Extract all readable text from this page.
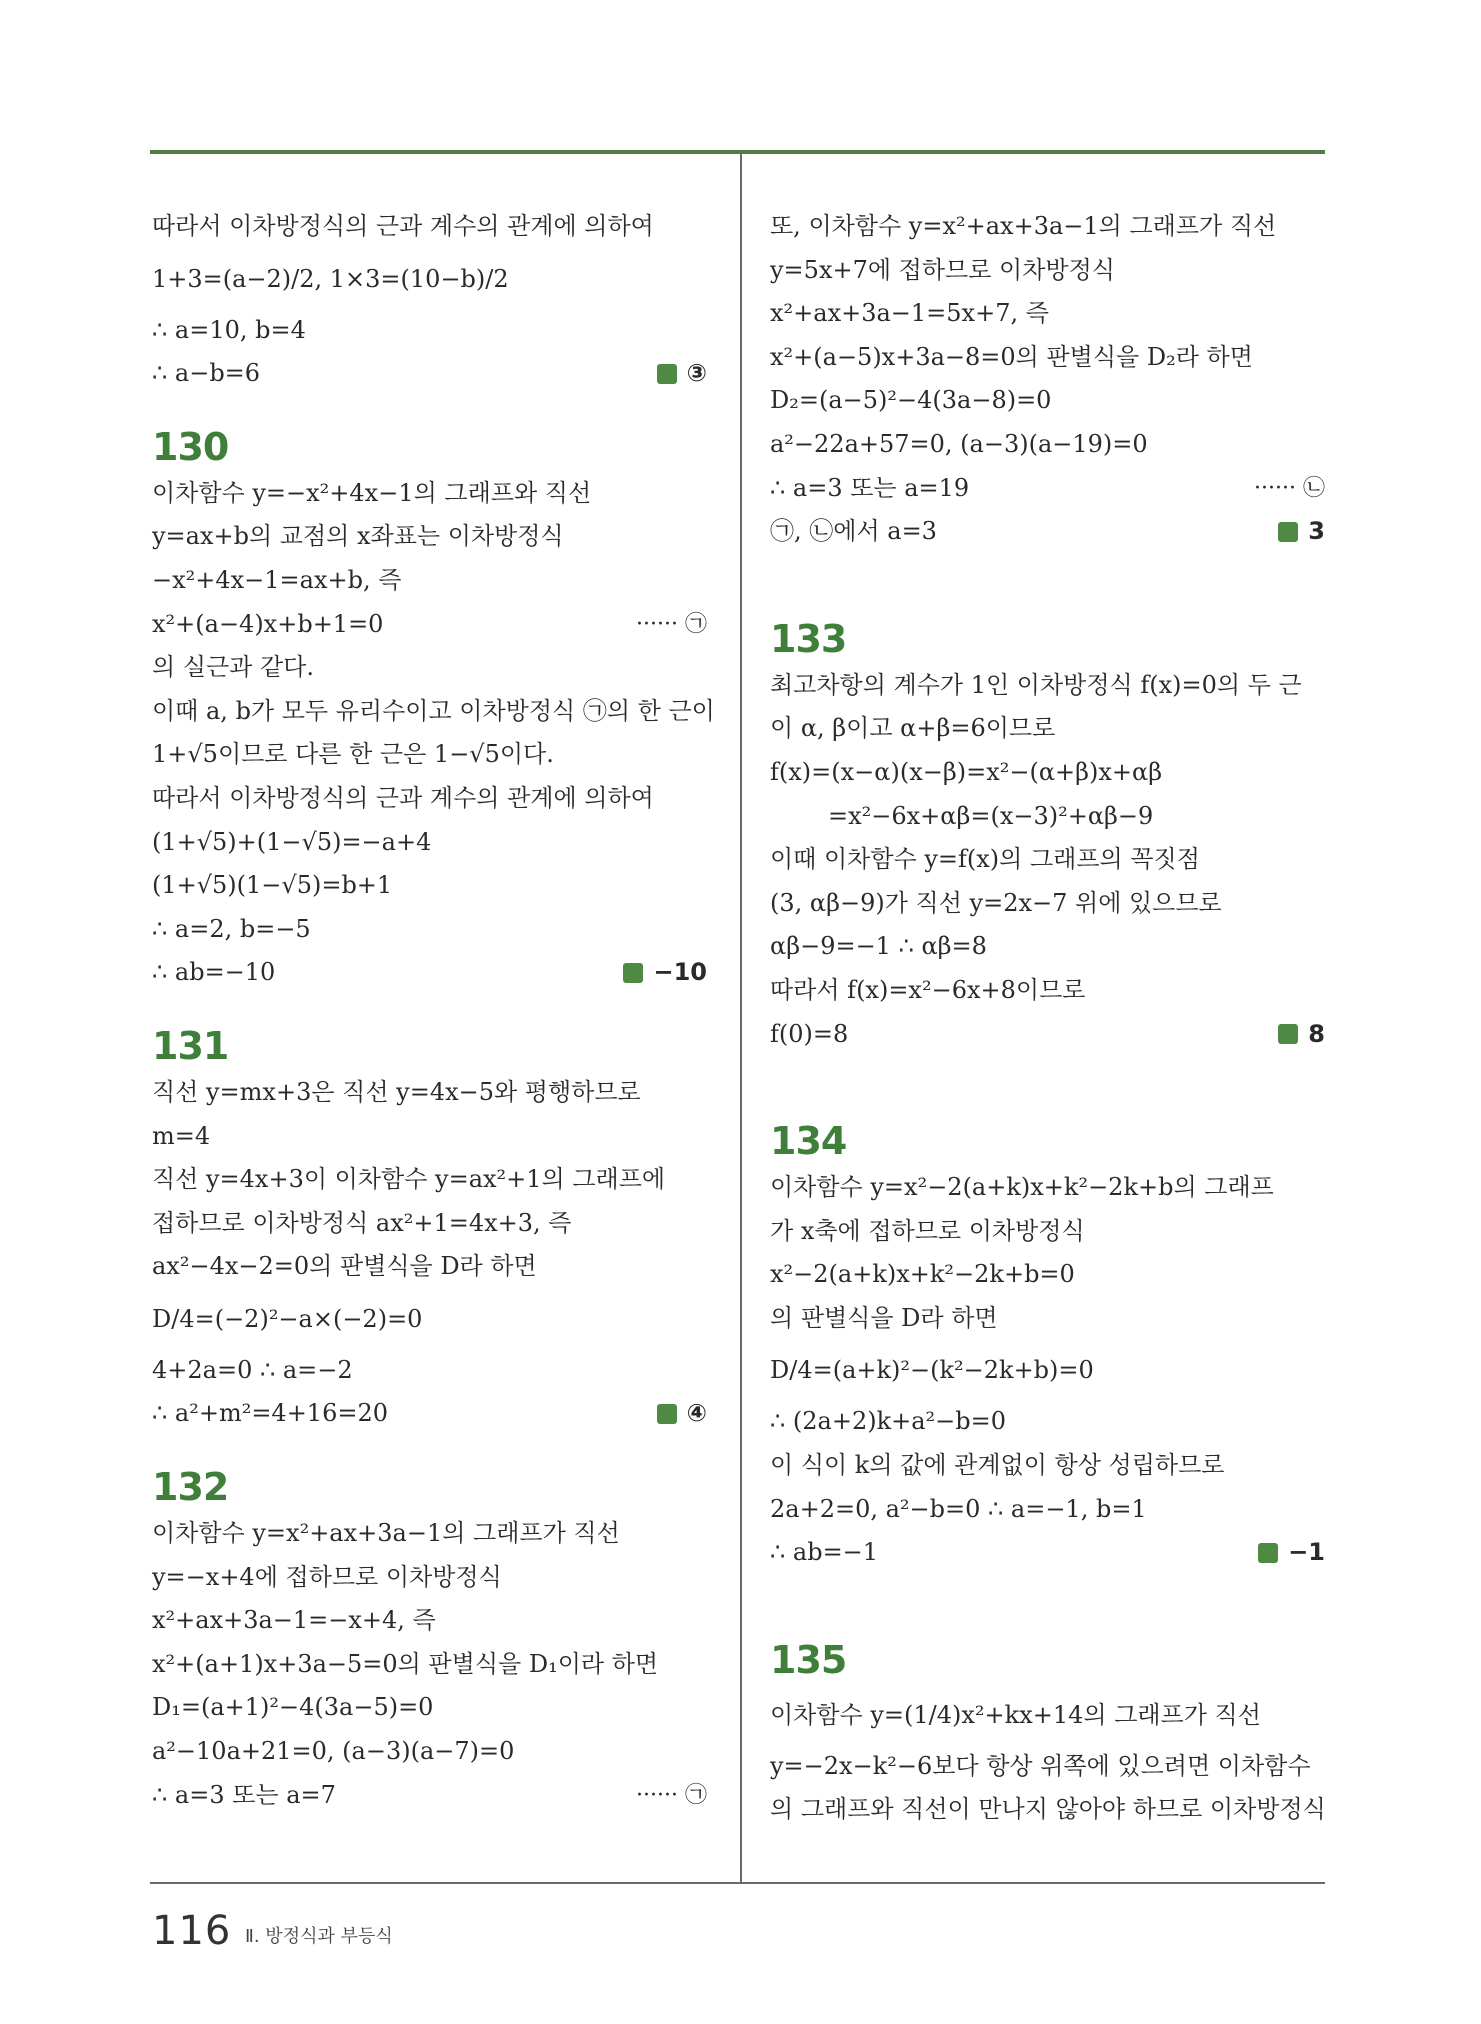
따라서 이차방정식의 근과 계수의 관계에 의하여
1+3=(a−2)/2, 1×3=(10−b)/2
∴ a=10, b=4
∴ a−b=6	③
130
이차함수 y=−x²+4x−1의 그래프와 직선
y=ax+b의 교점의 x좌표는 이차방정식
−x²+4x−1=ax+b, 즉
x²+(a−4)x+b+1=0	······ ㉠
의 실근과 같다.
이때 a, b가 모두 유리수이고 이차방정식 ㉠의 한 근이
1+√5이므로 다른 한 근은 1−√5이다.
따라서 이차방정식의 근과 계수의 관계에 의하여
(1+√5)+(1−√5)=−a+4
(1+√5)(1−√5)=b+1
∴ a=2, b=−5
∴ ab=−10	−10
131
직선 y=mx+3은 직선 y=4x−5와 평행하므로
m=4
직선 y=4x+3이 이차함수 y=ax²+1의 그래프에
접하므로 이차방정식 ax²+1=4x+3, 즉
ax²−4x−2=0의 판별식을 D라 하면
D/4=(−2)²−a×(−2)=0
4+2a=0 ∴ a=−2
∴ a²+m²=4+16=20	④
132
이차함수 y=x²+ax+3a−1의 그래프가 직선
y=−x+4에 접하므로 이차방정식
x²+ax+3a−1=−x+4, 즉
x²+(a+1)x+3a−5=0의 판별식을 D₁이라 하면
D₁=(a+1)²−4(3a−5)=0
a²−10a+21=0, (a−3)(a−7)=0
∴ a=3 또는 a=7	······ ㉠
또, 이차함수 y=x²+ax+3a−1의 그래프가 직선
y=5x+7에 접하므로 이차방정식
x²+ax+3a−1=5x+7, 즉
x²+(a−5)x+3a−8=0의 판별식을 D₂라 하면
D₂=(a−5)²−4(3a−8)=0
a²−22a+57=0, (a−3)(a−19)=0
∴ a=3 또는 a=19	······ ㉡
㉠, ㉡에서 a=3	3
133
최고차항의 계수가 1인 이차방정식 f(x)=0의 두 근
이 α, β이고 α+β=6이므로
f(x)=(x−α)(x−β)=x²−(α+β)x+αβ
=x²−6x+αβ=(x−3)²+αβ−9
이때 이차함수 y=f(x)의 그래프의 꼭짓점
(3, αβ−9)가 직선 y=2x−7 위에 있으므로
αβ−9=−1 ∴ αβ=8
따라서 f(x)=x²−6x+8이므로
f(0)=8	8
134
이차함수 y=x²−2(a+k)x+k²−2k+b의 그래프
가 x축에 접하므로 이차방정식
x²−2(a+k)x+k²−2k+b=0
의 판별식을 D라 하면
D/4=(a+k)²−(k²−2k+b)=0
∴ (2a+2)k+a²−b=0
이 식이 k의 값에 관계없이 항상 성립하므로
2a+2=0, a²−b=0 ∴ a=−1, b=1
∴ ab=−1	−1
135
이차함수 y=(1/4)x²+kx+14의 그래프가 직선
y=−2x−k²−6보다 항상 위쪽에 있으려면 이차함수
의 그래프와 직선이 만나지 않아야 하므로 이차방정식
116 Ⅱ. 방정식과 부등식
